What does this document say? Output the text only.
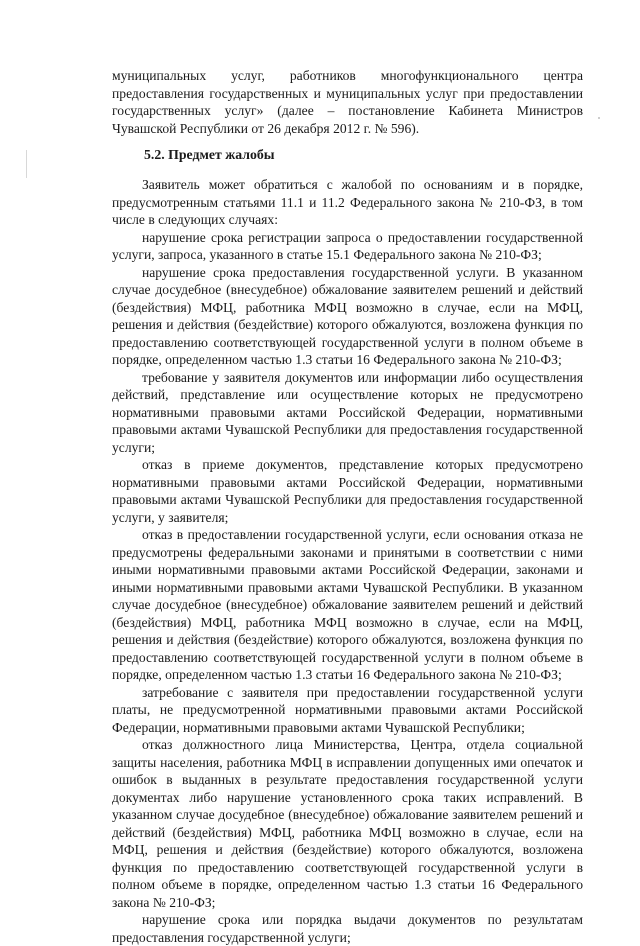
муниципальных услуг, работников многофункционального центра предоставления государственных и муниципальных услуг при предоставлении государственных услуг» (далее – постановление Кабинета Министров Чувашской Республики от 26 декабря 2012 г. № 596).

5.2. Предмет жалобы

Заявитель может обратиться с жалобой по основаниям и в порядке, предусмотренным статьями 11.1 и 11.2 Федерального закона № 210-ФЗ, в том числе в следующих случаях:

нарушение срока регистрации запроса о предоставлении государственной услуги, запроса, указанного в статье 15.1 Федерального закона № 210-ФЗ;

нарушение срока предоставления государственной услуги. В указанном случае досудебное (внесудебное) обжалование заявителем решений и действий (бездействия) МФЦ, работника МФЦ возможно в случае, если на МФЦ, решения и действия (бездействие) которого обжалуются, возложена функция по предоставлению соответствующей государственной услуги в полном объеме в порядке, определенном частью 1.3 статьи 16 Федерального закона № 210-ФЗ;

требование у заявителя документов или информации либо осуществления действий, представление или осуществление которых не предусмотрено нормативными правовыми актами Российской Федерации, нормативными правовыми актами Чувашской Республики для предоставления государственной услуги;

отказ в приеме документов, представление которых предусмотрено нормативными правовыми актами Российской Федерации, нормативными правовыми актами Чувашской Республики для предоставления государственной услуги, у заявителя;

отказ в предоставлении государственной услуги, если основания отказа не предусмотрены федеральными законами и принятыми в соответствии с ними иными нормативными правовыми актами Российской Федерации, законами и иными нормативными правовыми актами Чувашской Республики. В указанном случае досудебное (внесудебное) обжалование заявителем решений и действий (бездействия) МФЦ, работника МФЦ возможно в случае, если на МФЦ, решения и действия (бездействие) которого обжалуются, возложена функция по предоставлению соответствующей государственной услуги в полном объеме в порядке, определенном частью 1.3 статьи 16 Федерального закона № 210-ФЗ;

затребование с заявителя при предоставлении государственной услуги платы, не предусмотренной нормативными правовыми актами Российской Федерации, нормативными правовыми актами Чувашской Республики;

отказ должностного лица Министерства, Центра, отдела социальной защиты населения, работника МФЦ в исправлении допущенных ими опечаток и ошибок в выданных в результате предоставления государственной услуги документах либо нарушение установленного срока таких исправлений. В указанном случае досудебное (внесудебное) обжалование заявителем решений и действий (бездействия) МФЦ, работника МФЦ возможно в случае, если на МФЦ, решения и действия (бездействие) которого обжалуются, возложена функция по предоставлению соответствующей государственной услуги в полном объеме в порядке, определенном частью 1.3 статьи 16 Федерального закона № 210-ФЗ;

нарушение срока или порядка выдачи документов по результатам предоставления государственной услуги;
